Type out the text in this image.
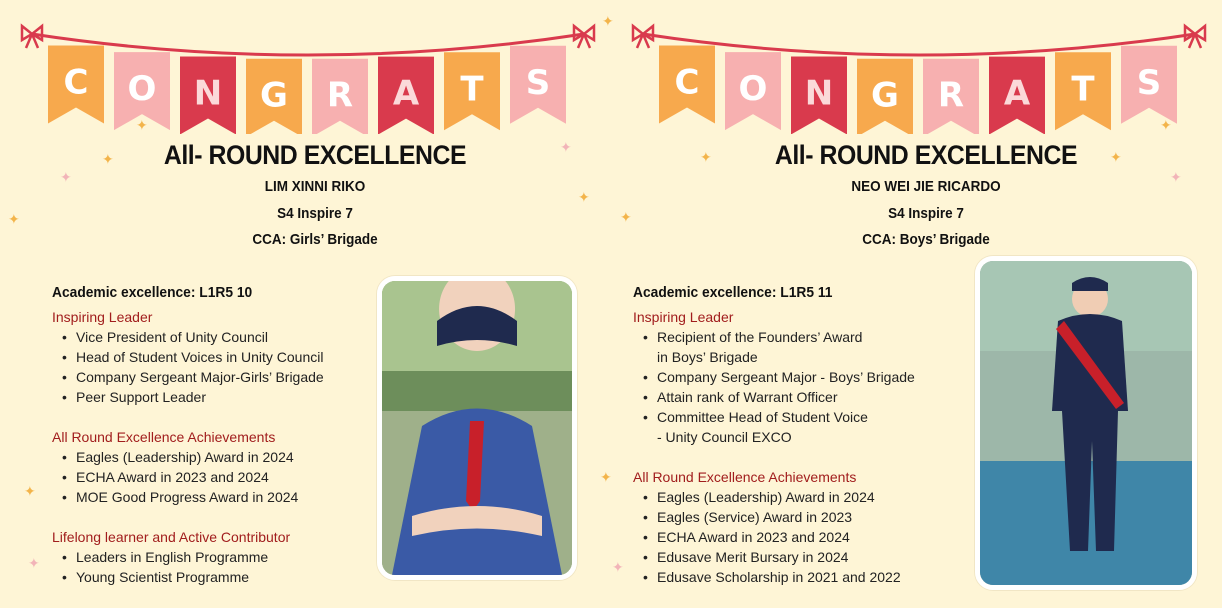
C O N G R A T S
All- ROUND EXCELLENCE
LIM XINNI RIKO
S4 Inspire 7
CCA: Girls’ Brigade
Academic excellence: L1R5 10
Inspiring Leader
• Vice President of Unity Council
• Head of Student Voices in Unity Council
• Company Sergeant Major-Girls’ Brigade
• Peer Support Leader
All Round Excellence Achievements
• Eagles (Leadership) Award in 2024
• ECHA Award in 2023 and 2024
• MOE Good Progress Award in 2024
Lifelong learner and Active Contributor
• Leaders in English Programme
• Young Scientist Programme
C O N G R A T S
All- ROUND EXCELLENCE
NEO WEI JIE RICARDO
S4 Inspire 7
CCA: Boys’ Brigade
Academic excellence: L1R5 11
Inspiring Leader
• Recipient of the Founders’ Award
in Boys’ Brigade
• Company Sergeant Major - Boys’ Brigade
• Attain rank of Warrant Officer
• Committee Head of Student Voice
- Unity Council EXCO
All Round Excellence Achievements
• Eagles (Leadership) Award in 2024
• Eagles (Service) Award in 2023
• ECHA Award in 2023 and 2024
• Edusave Merit Bursary in 2024
• Edusave Scholarship in 2021 and 2022
✦
✦
✦
✦
✦
✦
✦
✦
✦
✦
✦
✦
✦
✦
✦
✦
